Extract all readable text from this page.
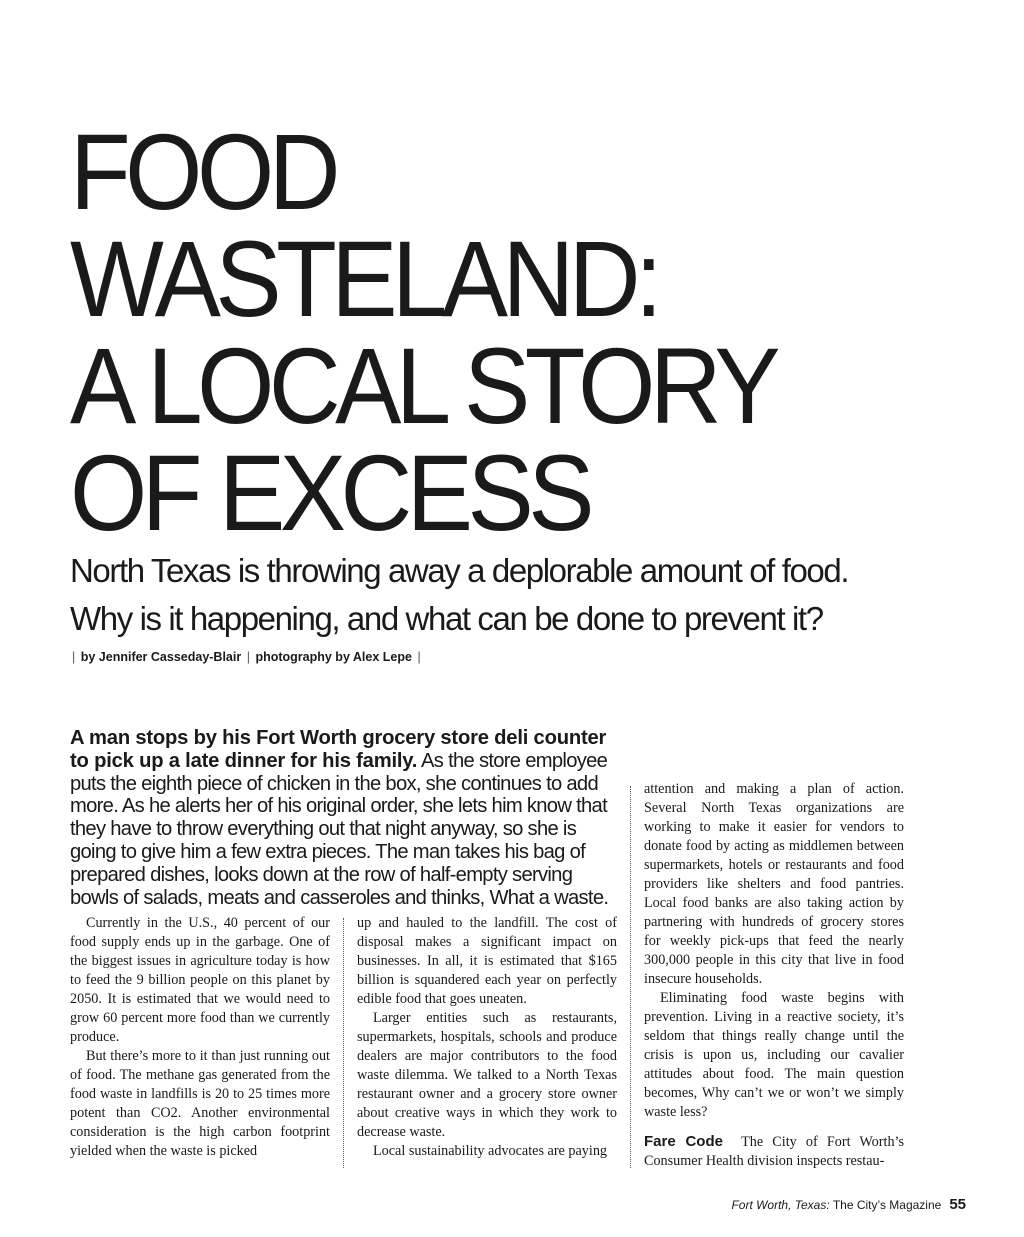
FOOD
WASTELAND:
A LOCAL STORY
OF EXCESS
North Texas is throwing away a deplorable amount of food.
Why is it happening, and what can be done to prevent it?
| by Jennifer Casseday-Blair | photography by Alex Lepe |
A man stops by his Fort Worth grocery store deli counter to pick up a late dinner for his family. As the store employee puts the eighth piece of chicken in the box, she continues to add more. As he alerts her of his original order, she lets him know that they have to throw everything out that night anyway, so she is going to give him a few extra pieces. The man takes his bag of prepared dishes, looks down at the row of half-empty serving bowls of salads, meats and casseroles and thinks, What a waste.

Currently in the U.S., 40 percent of our food supply ends up in the garbage. One of the biggest issues in agriculture today is how to feed the 9 billion people on this planet by 2050. It is estimated that we would need to grow 60 percent more food than we currently produce.

But there’s more to it than just running out of food. The methane gas generated from the food waste in landfills is 20 to 25 times more potent than CO2. Another environmental consideration is the high carbon footprint yielded when the waste is picked

up and hauled to the landfill. The cost of disposal makes a significant impact on businesses. In all, it is estimated that $165 billion is squandered each year on perfectly edible food that goes uneaten.

Larger entities such as restaurants, supermarkets, hospitals, schools and produce dealers are major contributors to the food waste dilemma. We talked to a North Texas restaurant owner and a grocery store owner about creative ways in which they work to decrease waste.

Local sustainability advocates are paying

attention and making a plan of action. Several North Texas organizations are working to make it easier for vendors to donate food by acting as middlemen between supermarkets, hotels or restaurants and food providers like shelters and food pantries. Local food banks are also taking action by partnering with hundreds of grocery stores for weekly pick-ups that feed the nearly 300,000 people in this city that live in food insecure households.

Eliminating food waste begins with prevention. Living in a reactive society, it’s seldom that things really change until the crisis is upon us, including our cavalier attitudes about food. The main question becomes, Why can’t we or won’t we simply waste less?

Fare Code The City of Fort Worth’s Consumer Health division inspects restau-

Fort Worth, Texas: The City’s Magazine 55
